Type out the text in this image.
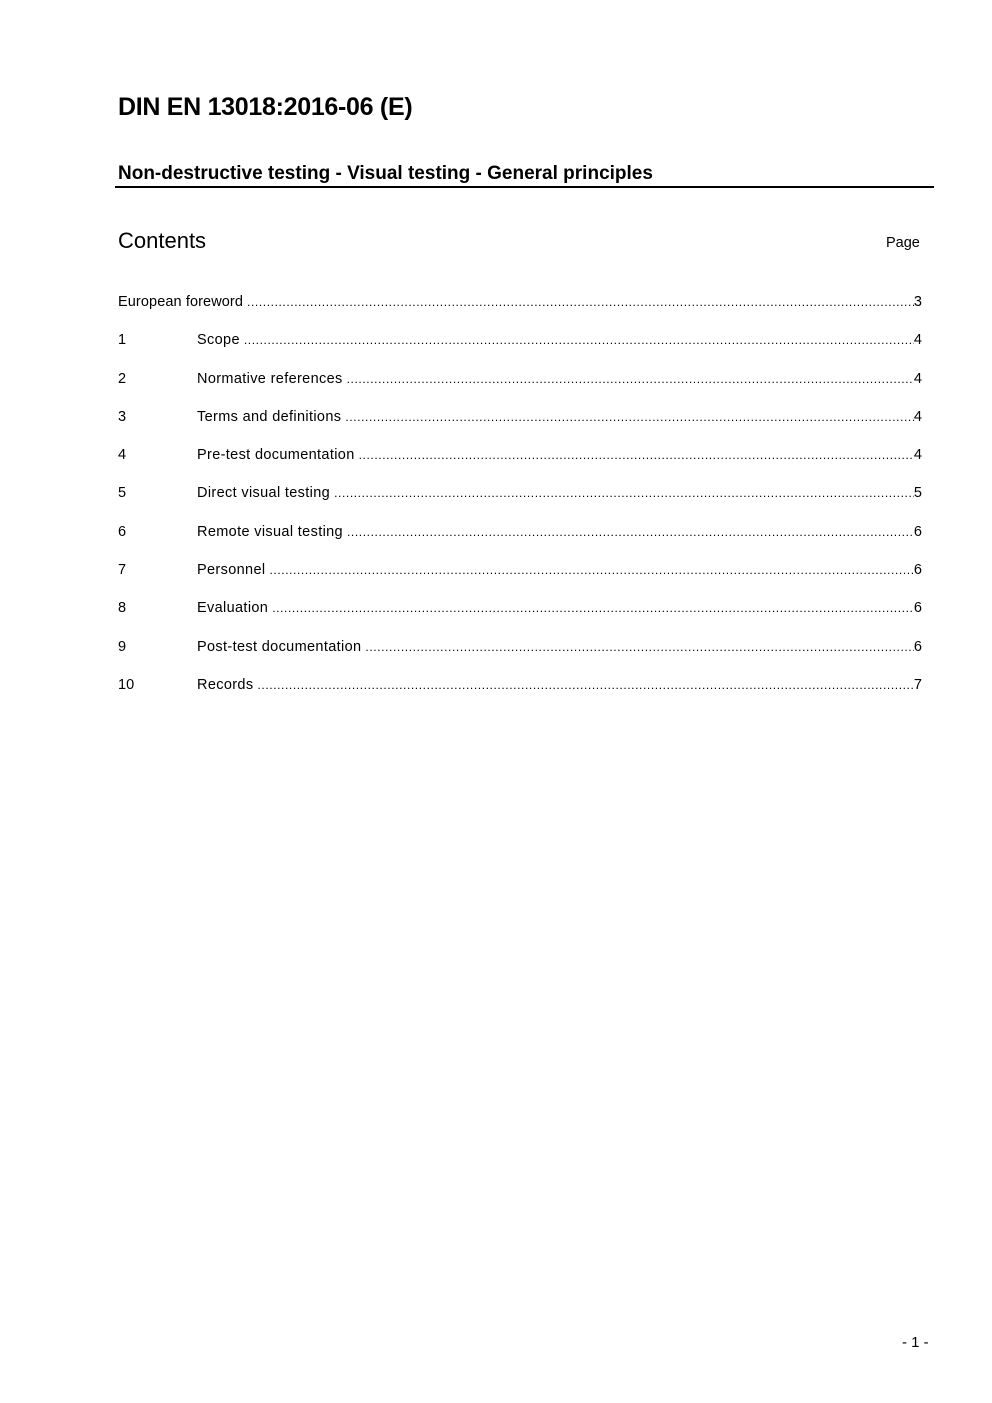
DIN EN 13018:2016-06 (E)
Non-destructive testing - Visual testing - General principles
Contents	Page
European foreword .....	3
1	Scope .....	4
2	Normative references .....	4
3	Terms and definitions .....	4
4	Pre-test documentation .....	4
5	Direct visual testing .....	5
6	Remote visual testing .....	6
7	Personnel .....	6
8	Evaluation .....	6
9	Post-test documentation .....	6
10	Records .....	7
- 1 -
